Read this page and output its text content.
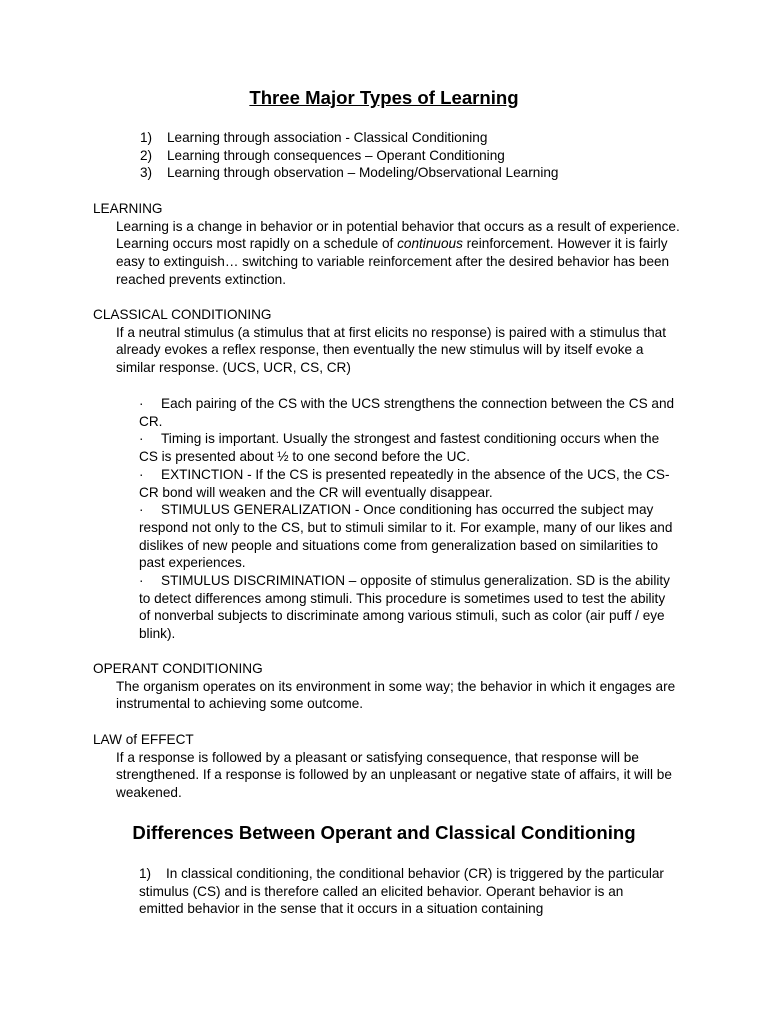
Three Major Types of Learning
1)	Learning through association - Classical Conditioning
2)	Learning through consequences – Operant Conditioning
3)	Learning through observation – Modeling/Observational Learning
LEARNING
Learning is a change in behavior or in potential behavior that occurs as a result of experience. Learning occurs most rapidly on a schedule of continuous reinforcement. However it is fairly easy to extinguish… switching to variable reinforcement after the desired behavior has been reached prevents extinction.
CLASSICAL CONDITIONING
If a neutral stimulus (a stimulus that at first elicits no response) is paired with a stimulus that already evokes a reflex response, then eventually the new stimulus will by itself evoke a similar response. (UCS, UCR, CS, CR)

· Each pairing of the CS with the UCS strengthens the connection between the CS and CR.

· Timing is important. Usually the strongest and fastest conditioning occurs when the CS is presented about ½ to one second before the UC.

· EXTINCTION - If the CS is presented repeatedly in the absence of the UCS, the CS-CR bond will weaken and the CR will eventually disappear.

· STIMULUS GENERALIZATION - Once conditioning has occurred the subject may respond not only to the CS, but to stimuli similar to it. For example, many of our likes and dislikes of new people and situations come from generalization based on similarities to past experiences.

· STIMULUS DISCRIMINATION – opposite of stimulus generalization. SD is the ability to detect differences among stimuli. This procedure is sometimes used to test the ability of nonverbal subjects to discriminate among various stimuli, such as color (air puff / eye blink).

OPERANT CONDITIONING
The organism operates on its environment in some way; the behavior in which it engages are instrumental to achieving some outcome.
LAW of EFFECT
If a response is followed by a pleasant or satisfying consequence, that response will be strengthened. If a response is followed by an unpleasant or negative state of affairs, it will be weakened.
Differences Between Operant and Classical Conditioning
1) In classical conditioning, the conditional behavior (CR) is triggered by the particular stimulus (CS) and is therefore called an elicited behavior. Operant behavior is an emitted behavior in the sense that it occurs in a situation containing
